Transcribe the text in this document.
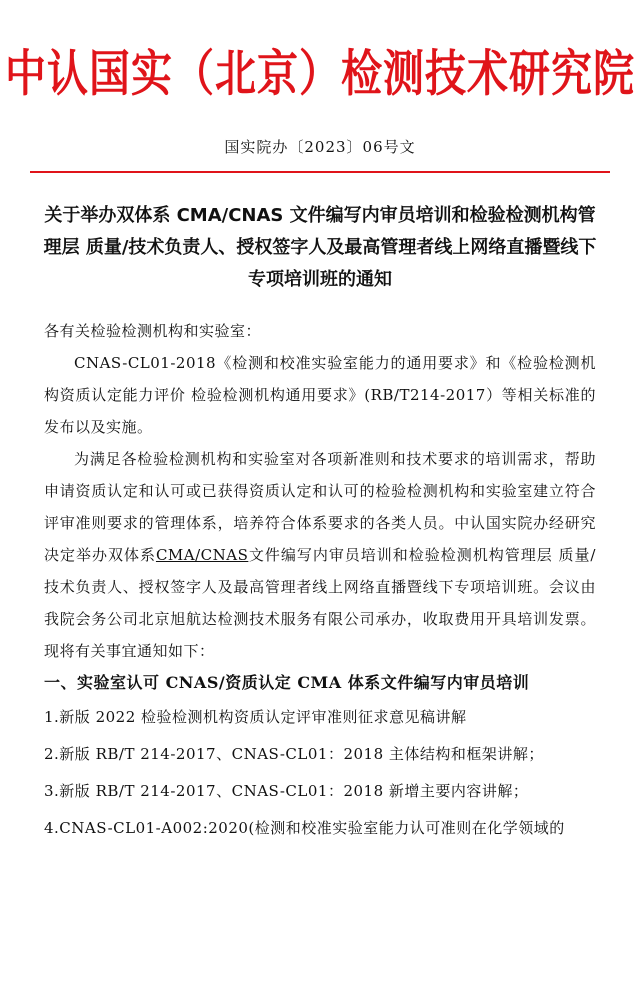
中认国实（北京）检测技术研究院
国实院办〔2023〕06号文
关于举办双体系 CMA/CNAS 文件编写内审员培训和检验检测机构管理层 质量/技术负责人、授权签字人及最高管理者线上网络直播暨线下专项培训班的通知

各有关检验检测机构和实验室：

CNAS-CL01-2018《检测和校准实验室能力的通用要求》和《检验检测机构资质认定能力评价 检验检测机构通用要求》(RB/T214-2017）等相关标准的发布以及实施。

为满足各检验检测机构和实验室对各项新准则和技术要求的培训需求，帮助申请资质认定和认可或已获得资质认定和认可的检验检测机构和实验室建立符合评审准则要求的管理体系，培养符合体系要求的各类人员。中认国实院办经研究决定举办双体系CMA/CNAS文件编写内审员培训和检验检测机构管理层 质量/技术负责人、授权签字人及最高管理者线上网络直播暨线下专项培训班。会议由我院会务公司北京旭航达检测技术服务有限公司承办，收取费用开具培训发票。现将有关事宜通知如下：

一、实验室认可 CNAS/资质认定 CMA 体系文件编写内审员培训

1.新版 2022 检验检测机构资质认定评审准则征求意见稿讲解

2.新版 RB/T 214-2017、CNAS-CL01：2018 主体结构和框架讲解；

3.新版 RB/T 214-2017、CNAS-CL01：2018 新增主要内容讲解；

4.CNAS-CL01-A002:2020(检测和校准实验室能力认可准则在化学领域的
